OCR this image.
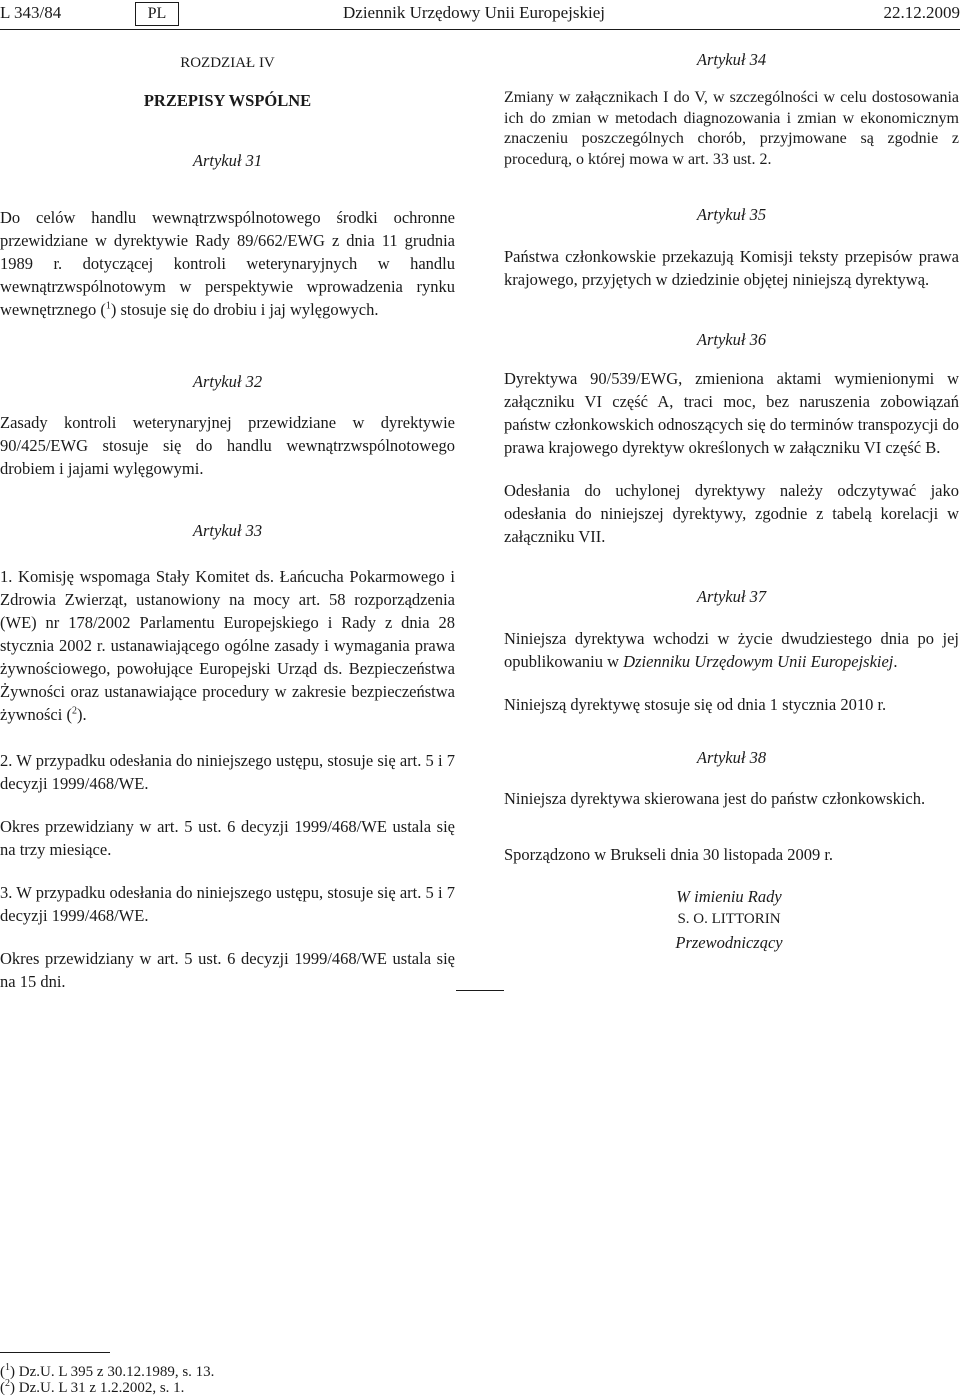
L 343/84	PL	Dziennik Urzędowy Unii Europejskiej	22.12.2009
ROZDZIAŁ IV
PRZEPISY WSPÓLNE
Artykuł 31

Do celów handlu wewnątrzwspólnotowego środki ochronne przewidziane w dyrektywie Rady 89/662/EWG z dnia 11 grudnia 1989 r. dotyczącej kontroli weterynaryjnych w handlu wewnątrzwspólnotowym w perspektywie wprowadzenia rynku wewnętrznego ($^1$) stosuje się do drobiu i jaj wylęgowych.

Artykuł 32

Zasady kontroli weterynaryjnej przewidziane w dyrektywie 90/425/EWG stosuje się do handlu wewnątrzwspólnotowego drobiem i jajami wylęgowymi.

Artykuł 33

1. Komisję wspomaga Stały Komitet ds. Łańcucha Pokarmowego i Zdrowia Zwierząt, ustanowiony na mocy art. 58 rozporządzenia (WE) nr 178/2002 Parlamentu Europejskiego i Rady z dnia 28 stycznia 2002 r. ustanawiającego ogólne zasady i wymagania prawa żywnościowego, powołujące Europejski Urząd ds. Bezpieczeństwa Żywności oraz ustanawiające procedury w zakresie bezpieczeństwa żywności ($^2$).

2. W przypadku odesłania do niniejszego ustępu, stosuje się art. 5 i 7 decyzji 1999/468/WE.

Okres przewidziany w art. 5 ust. 6 decyzji 1999/468/WE ustala się na trzy miesiące.

3. W przypadku odesłania do niniejszego ustępu, stosuje się art. 5 i 7 decyzji 1999/468/WE.

Okres przewidziany w art. 5 ust. 6 decyzji 1999/468/WE ustala się na 15 dni.

Artykuł 34

Zmiany w załącznikach I do V, w szczególności w celu dostosowania ich do zmian w metodach diagnozowania i zmian w ekonomicznym znaczeniu poszczególnych chorób, przyjmowane są zgodnie z procedurą, o której mowa w art. 33 ust. 2.

Artykuł 35

Państwa członkowskie przekazują Komisji teksty przepisów prawa krajowego, przyjętych w dziedzinie objętej niniejszą dyrektywą.

Artykuł 36

Dyrektywa 90/539/EWG, zmieniona aktami wymienionymi w załączniku VI część A, traci moc, bez naruszenia zobowiązań państw członkowskich odnoszących się do terminów transpozycji do prawa krajowego dyrektyw określonych w załączniku VI część B.

Odesłania do uchylonej dyrektywy należy odczytywać jako odesłania do niniejszej dyrektywy, zgodnie z tabelą korelacji w załączniku VII.

Artykuł 37

Niniejsza dyrektywa wchodzi w życie dwudziestego dnia po jej opublikowaniu w Dzienniku Urzędowym Unii Europejskiej.

Niniejszą dyrektywę stosuje się od dnia 1 stycznia 2010 r.

Artykuł 38

Niniejsza dyrektywa skierowana jest do państw członkowskich.

Sporządzono w Brukseli dnia 30 listopada 2009 r.

W imieniu Rady
S. O. LITTORIN
Przewodniczący
($^1$) Dz.U. L 395 z 30.12.1989, s. 13.
($^2$) Dz.U. L 31 z 1.2.2002, s. 1.
